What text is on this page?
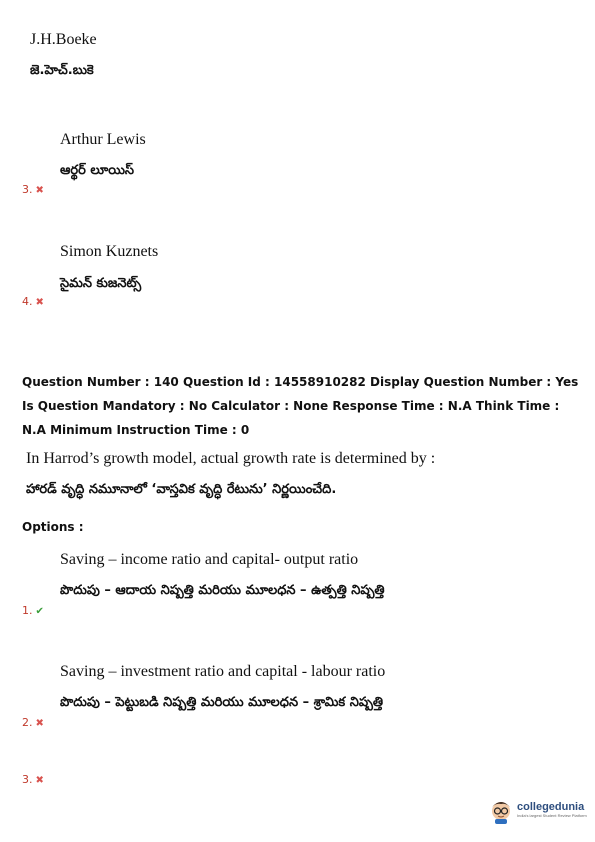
J.H.Boeke
జె.హెచ్.బుకె
Arthur Lewis
ఆర్థర్ లూయిస్
3. ✖
Simon Kuznets
సైమన్ కుజనెట్స్
4. ✖
Question Number : 140 Question Id : 14558910282 Display Question Number : Yes Is Question Mandatory : No Calculator : None Response Time : N.A Think Time : N.A Minimum Instruction Time : 0
In Harrod’s growth model, actual growth rate is determined by :
హారడ్ వృద్ధి నమూనాలో ‘వాస్తవిక వృద్ధి రేటును’ నిర్ణయించేది.
Options :
Saving – income ratio and capital- output ratio
పొదుపు – ఆదాయ నిష్పత్తి మరియు మూలధన – ఉత్పత్తి నిష్పత్తి
1. ✔
Saving – investment ratio and capital - labour ratio
పొదుపు – పెట్టుబడి నిష్పత్తి మరియు మూలధన – శ్రామిక నిష్పత్తి
2. ✖
3. ✖
collegedunia
India's largest Student Review Platform
